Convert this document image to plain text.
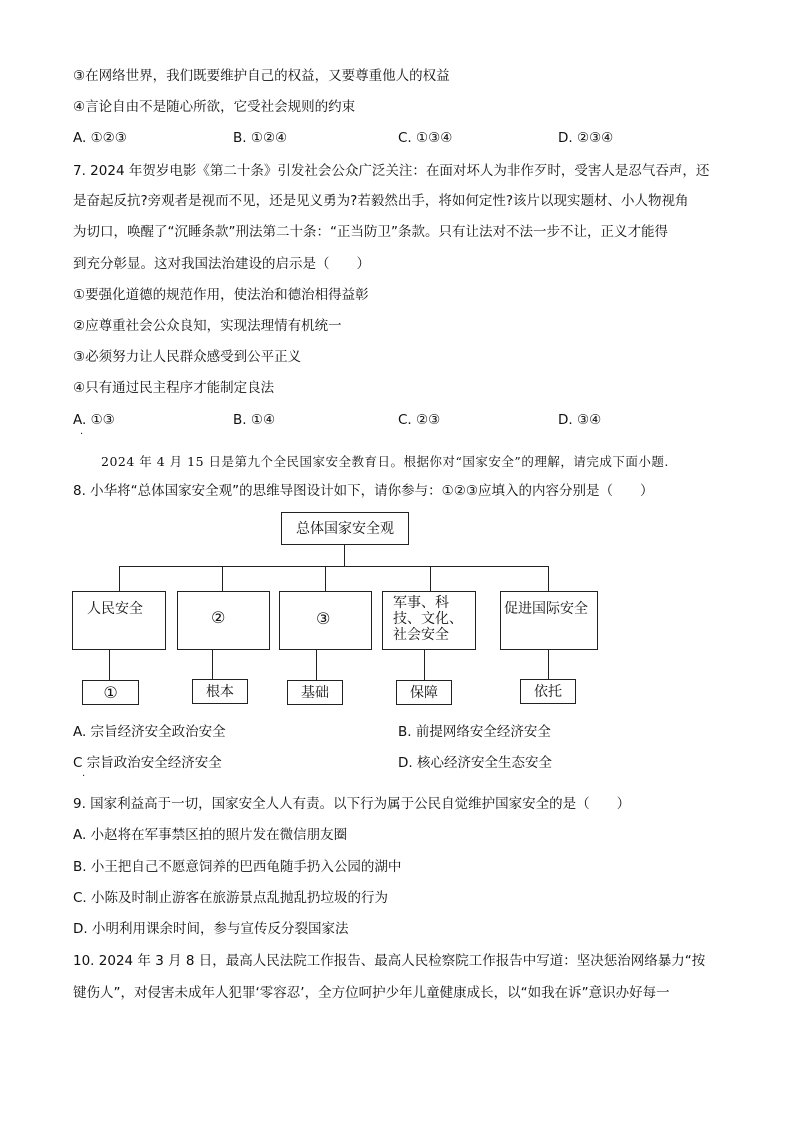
③在网络世界，我们既要维护自己的权益，又要尊重他人的权益
④言论自由不是随心所欲，它受社会规则的约束
A. ①②③	B. ①②④	C. ①③④	D. ②③④
7. 2024 年贺岁电影《第二十条》引发社会公众广泛关注：在面对坏人为非作歹时，受害人是忍气吞声，还
是奋起反抗?旁观者是视而不见，还是见义勇为?若毅然出手，将如何定性?该片以现实题材、小人物视角
为切口，唤醒了“沉睡条款”刑法第二十条：“正当防卫”条款。只有让法对不法一步不让，正义才能得
到充分彰显。这对我国法治建设的启示是（　　）
①要强化道德的规范作用，使法治和德治相得益彰
②应尊重社会公众良知，实现法理情有机统一
③必须努力让人民群众感受到公平正义
④只有通过民主程序才能制定良法
A. ①③	B. ①④	C. ②③	D. ③④
·
2024 年 4 月 15 日是第九个全民国家安全教育日。根据你对“国家安全”的理解，请完成下面小题.
8. 小华将“总体国家安全观”的思维导图设计如下，请你参与：①②③应填入的内容分别是（　　）
总体国家安全观
人民安全	②	③
军事、科技、文化、社会安全
促进国际安全
①	根本	基础	保障	依托
A. 宗旨经济安全政治安全	B. 前提网络安全经济安全
C 宗旨政治安全经济安全	D. 核心经济安全生态安全
·
9. 国家利益高于一切，国家安全人人有责。以下行为属于公民自觉维护国家安全的是（　　）
A. 小赵将在军事禁区拍的照片发在微信朋友圈
B. 小王把自己不愿意饲养的巴西龟随手扔入公园的湖中
C. 小陈及时制止游客在旅游景点乱抛乱扔垃圾的行为
D. 小明利用课余时间，参与宣传反分裂国家法
10. 2024 年 3 月 8 日，最高人民法院工作报告、最高人民检察院工作报告中写道：坚决惩治网络暴力“按
键伤人”，对侵害未成年人犯罪‘零容忍’，全方位呵护少年儿童健康成长，以“如我在诉”意识办好每一
